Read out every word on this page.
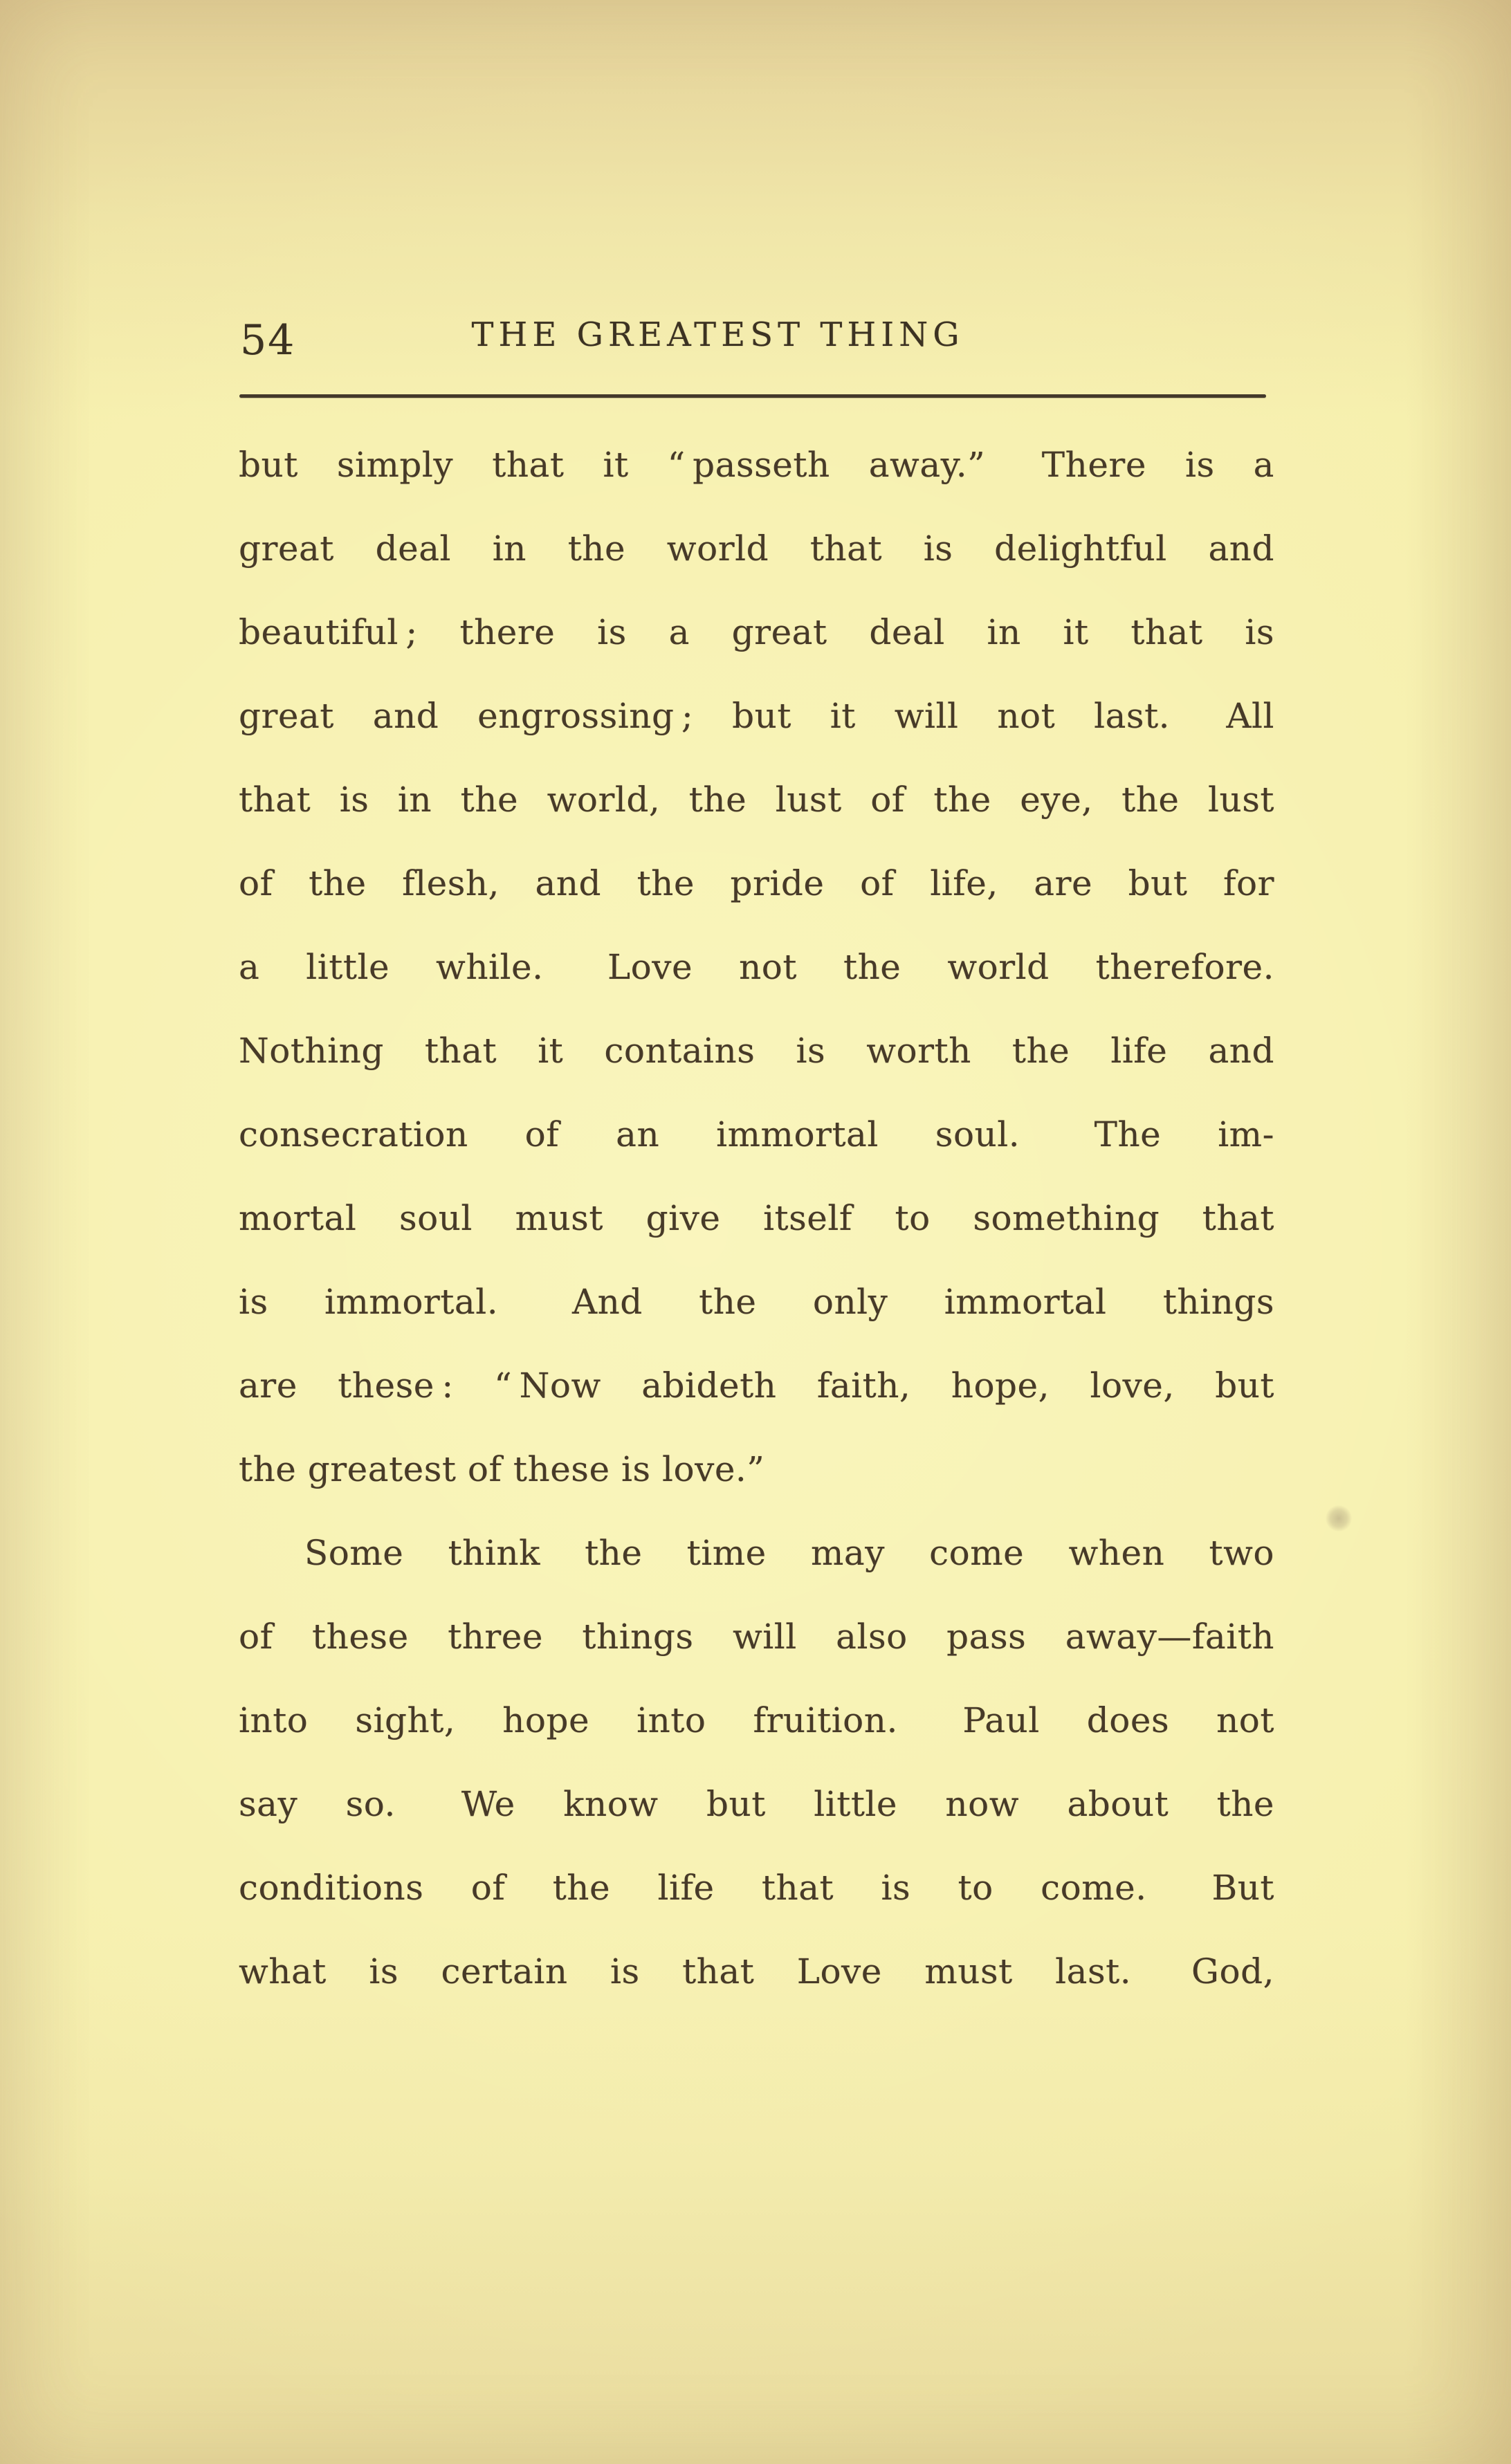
54	THE GREATEST THING
but simply that it “ passeth away.”  There is a
great deal in the world that is delightful and
beautiful ; there is a great deal in it that is
great and engrossing ; but it will not last.  All
that is in the world, the lust of the eye, the lust
of the flesh, and the pride of life, are but for
a little while.  Love not the world therefore.
Nothing that it contains is worth the life and
consecration of an immortal soul.  The im-
mortal soul must give itself to something that
is immortal.  And the only immortal things
are these : “ Now abideth faith, hope, love, but
the greatest of these is love.”
Some think the time may come when two
of these three things will also pass away—faith
into sight, hope into fruition.  Paul does not
say so.  We know but little now about the
conditions of the life that is to come.  But
what is certain is that Love must last.  God,
